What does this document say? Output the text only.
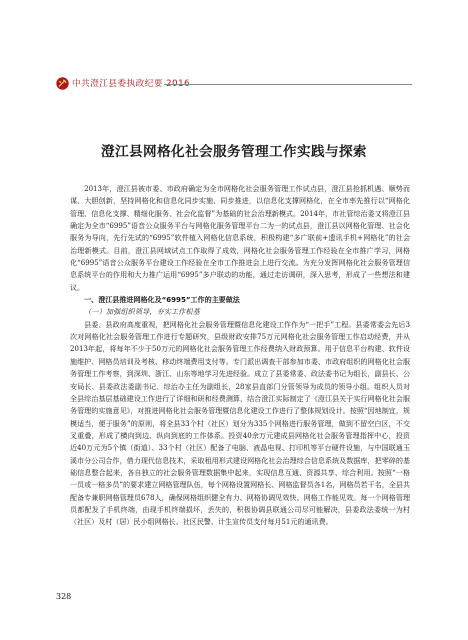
中共澄江县委执政纪要 2016
澄江县网格化社会服务管理工作实践与探索

2013年，澄江县被市委、市政府确定为全市网格化社会服务管理工作试点县，澄江县抢抓机遇、顺势而谋、大胆创新，坚持网格化和信息化同步实施、同步推进，以信息化支撑网格化，在全市率先推行以“网格化管理、信息化支撑、精细化服务、社会化监督”为基础的社会治理新模式。2014年，市社管综治委又将澄江县确定为全市“6995”语音公众服务平台与网格化服务管理平台二为一的试点县，澄江县以网格化管理、社会化服务为导向，先行先试的“6995”软件植入网格化信息系统，积极构建“多广联前+遗讯手机+网格化”的社会治理新模式。目前，澄江县网域试点工作取得了成效，网格化社会服务管理工作经验在全市推广学习，网格化“6995”语音公众服务平台建设工作经验在全市工作推进会上进行交流。为充分发挥网格化社会服务管理信息系统平台的作用和大力推广运用“6995”多户联动的功能，通过走访调研，深入思考，形成了一些想法和建议。

一、澄江县推进网格化及“6995”工作的主要做法

（一）加强组织领导，夯实工作根基

县委、县政府高度重视，把网格化社会服务管理暨信息化建设工作作为“一把手”工程。县委常委会先后3次对网格化社会服务管理工作进行专题研究，县级财政安排75万元网格化社会服务管理工作启动经费，并从2013年起，将每年不少于50万元的网格化社会服务管理工作经费纳入财政预算。用于信息平台构建、软件设施维护、网格员培训及考核、移动终端费用支付等。专门派出调查干部参加市委、市政府组织的网格化社会服务管理工作考察，到深圳、浙江、山东等地学习先进经验。成立了县委常委、政法委书记为组长，副县长、公安局长、县委政法委副书记、综治办主任为副组长，28家县直部门分管领导为成员的领导小组。组织人员对全县综治基层基础建设工作进行了详细和研和经费测算，结合澄江实际制定了《澄江县关于实行网格化社会服务管理的实施意见》，对推进网格化社会服务管理暨信息化建设工作进行了整体规划设计。按照“因地制宜，规模适当，便于服务”的原则，将全县33个村（社区）划分为335个网格进行服务管理，做到不留空白区，不交叉重叠，形成了横向到边、纵向到底的工作体系。投资40余万元建成县网格化社会服务管理指挥中心，投资近40万元为5个镇（街道）、33个村（社区）配备了电脑、液晶电视、打印机等平台硬件设施，与中国联通玉溪市分公司合作，借力现代信息技术，采取租用形式建设网格化社会治理综合信息系统及数据库，把零碎的基础信息整合起来，各自独立的社会服务管理数据集中起来，实现信息互通、资源共享、综合利用。按照“一格一员或一格多员”的要求建立网格管理队伍，每个网格设置网格长、网格监督员各1名，网格员若干名，全县共配备专兼职网格管理员678人，确保网格组织健全有力、网格协调见效快、网格工作能见效。每一个网格管理员都配发了手机终端，由现手机终端损坏，丢失的，积极协调县联通公司尽可能解决，县委政法委统一为村（社区）及村（居）民小组网格长、社区民警、计生宣传员支付每月51元的通讯费。

328
